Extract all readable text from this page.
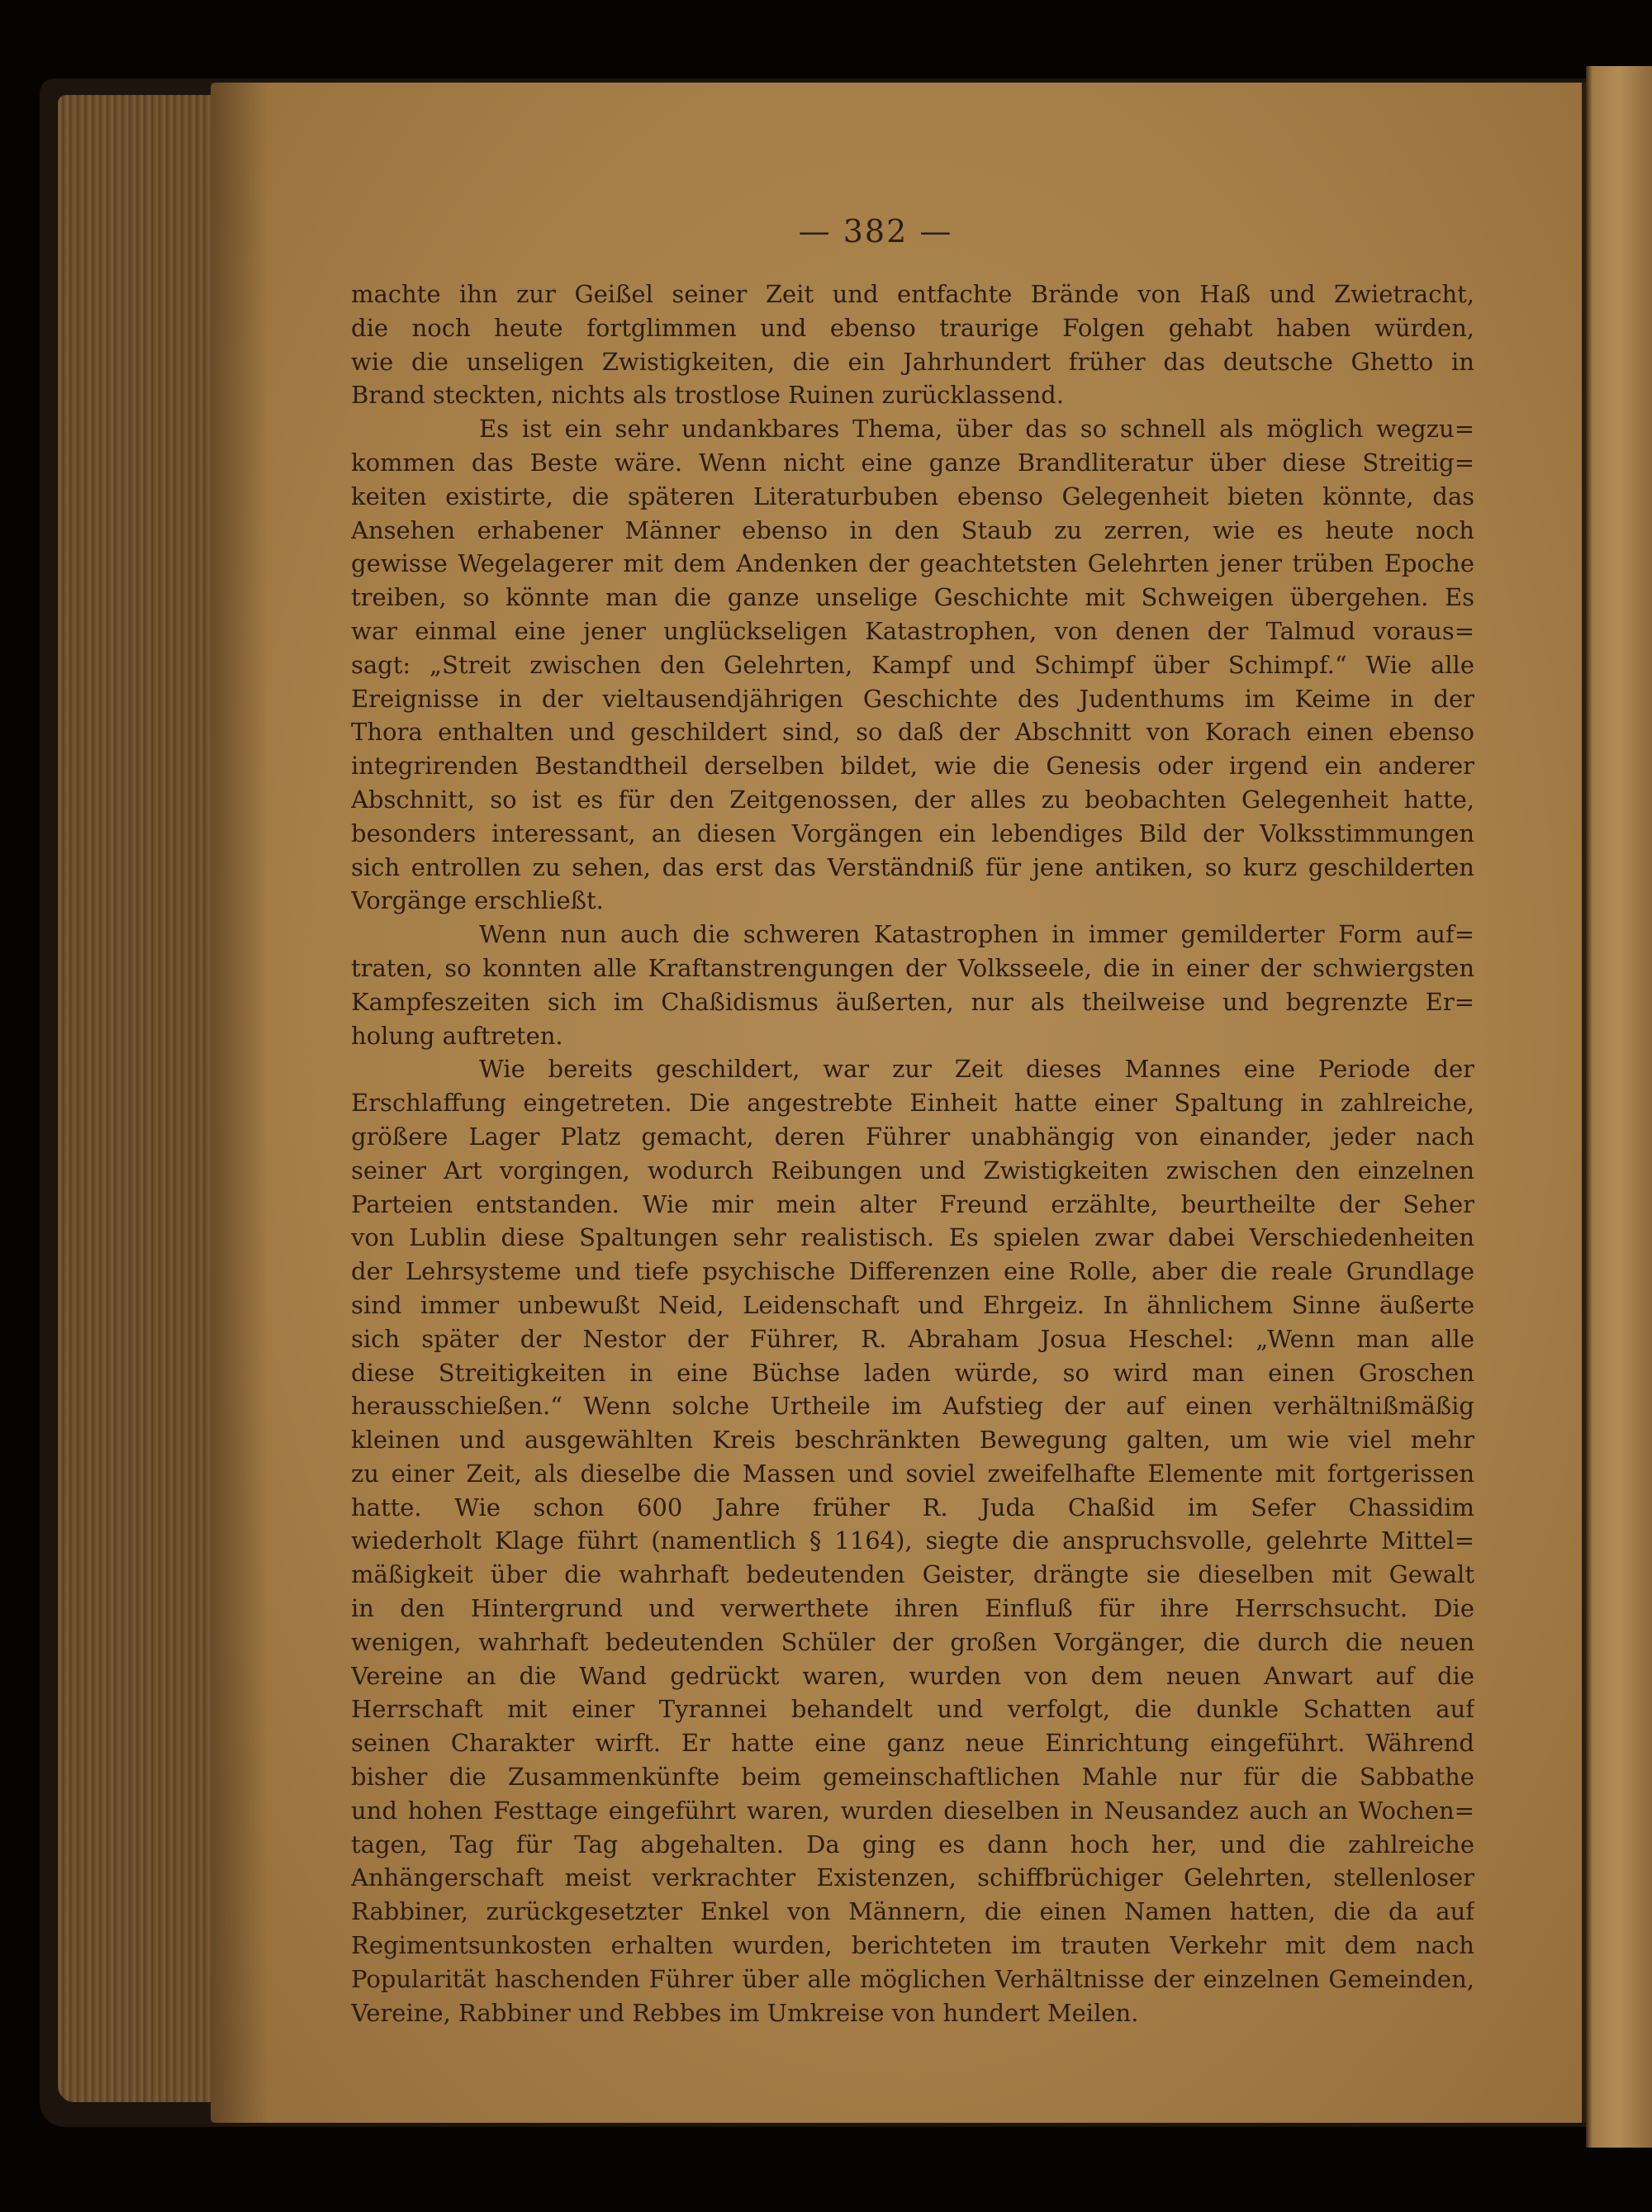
— 382 —
machte ihn zur Geißel seiner Zeit und entfachte Brände von Haß und Zwietracht,
die noch heute fortglimmen und ebenso traurige Folgen gehabt haben würden,
wie die unseligen Zwistigkeiten, die ein Jahrhundert früher das deutsche Ghetto in
Brand steckten, nichts als trostlose Ruinen zurücklassend.
Es ist ein sehr undankbares Thema, über das so schnell als möglich wegzu=
kommen das Beste wäre. Wenn nicht eine ganze Brandliteratur über diese Streitig=
keiten existirte, die späteren Literaturbuben ebenso Gelegenheit bieten könnte, das
Ansehen erhabener Männer ebenso in den Staub zu zerren, wie es heute noch
gewisse Wegelagerer mit dem Andenken der geachtetsten Gelehrten jener trüben Epoche
treiben, so könnte man die ganze unselige Geschichte mit Schweigen übergehen. Es
war einmal eine jener unglückseligen Katastrophen, von denen der Talmud voraus=
sagt: „Streit zwischen den Gelehrten, Kampf und Schimpf über Schimpf.“ Wie alle
Ereignisse in der vieltausendjährigen Geschichte des Judenthums im Keime in der
Thora enthalten und geschildert sind, so daß der Abschnitt von Korach einen ebenso
integrirenden Bestandtheil derselben bildet, wie die Genesis oder irgend ein anderer
Abschnitt, so ist es für den Zeitgenossen, der alles zu beobachten Gelegenheit hatte,
besonders interessant, an diesen Vorgängen ein lebendiges Bild der Volksstimmungen
sich entrollen zu sehen, das erst das Verständniß für jene antiken, so kurz geschilderten
Vorgänge erschließt.
Wenn nun auch die schweren Katastrophen in immer gemilderter Form auf=
traten, so konnten alle Kraftanstrengungen der Volksseele, die in einer der schwiergsten
Kampfeszeiten sich im Chaßidismus äußerten, nur als theilweise und begrenzte Er=
holung auftreten.
Wie bereits geschildert, war zur Zeit dieses Mannes eine Periode der
Erschlaffung eingetreten. Die angestrebte Einheit hatte einer Spaltung in zahlreiche,
größere Lager Platz gemacht, deren Führer unabhängig von einander, jeder nach
seiner Art vorgingen, wodurch Reibungen und Zwistigkeiten zwischen den einzelnen
Parteien entstanden. Wie mir mein alter Freund erzählte, beurtheilte der Seher
von Lublin diese Spaltungen sehr realistisch. Es spielen zwar dabei Verschiedenheiten
der Lehrsysteme und tiefe psychische Differenzen eine Rolle, aber die reale Grundlage
sind immer unbewußt Neid, Leidenschaft und Ehrgeiz. In ähnlichem Sinne äußerte
sich später der Nestor der Führer, R. Abraham Josua Heschel: „Wenn man alle
diese Streitigkeiten in eine Büchse laden würde, so wird man einen Groschen
herausschießen.“ Wenn solche Urtheile im Aufstieg der auf einen verhältnißmäßig
kleinen und ausgewählten Kreis beschränkten Bewegung galten, um wie viel mehr
zu einer Zeit, als dieselbe die Massen und soviel zweifelhafte Elemente mit fortgerissen
hatte. Wie schon 600 Jahre früher R. Juda Chaßid im Sefer Chassidim
wiederholt Klage führt (namentlich § 1164), siegte die anspruchsvolle, gelehrte Mittel=
mäßigkeit über die wahrhaft bedeutenden Geister, drängte sie dieselben mit Gewalt
in den Hintergrund und verwerthete ihren Einfluß für ihre Herrschsucht. Die
wenigen, wahrhaft bedeutenden Schüler der großen Vorgänger, die durch die neuen
Vereine an die Wand gedrückt waren, wurden von dem neuen Anwart auf die
Herrschaft mit einer Tyrannei behandelt und verfolgt, die dunkle Schatten auf
seinen Charakter wirft. Er hatte eine ganz neue Einrichtung eingeführt. Während
bisher die Zusammenkünfte beim gemeinschaftlichen Mahle nur für die Sabbathe
und hohen Festtage eingeführt waren, wurden dieselben in Neusandez auch an Wochen=
tagen, Tag für Tag abgehalten. Da ging es dann hoch her, und die zahlreiche
Anhängerschaft meist verkrachter Existenzen, schiffbrüchiger Gelehrten, stellenloser
Rabbiner, zurückgesetzter Enkel von Männern, die einen Namen hatten, die da auf
Regimentsunkosten erhalten wurden, berichteten im trauten Verkehr mit dem nach
Popularität haschenden Führer über alle möglichen Verhältnisse der einzelnen Gemeinden,
Vereine, Rabbiner und Rebbes im Umkreise von hundert Meilen.
